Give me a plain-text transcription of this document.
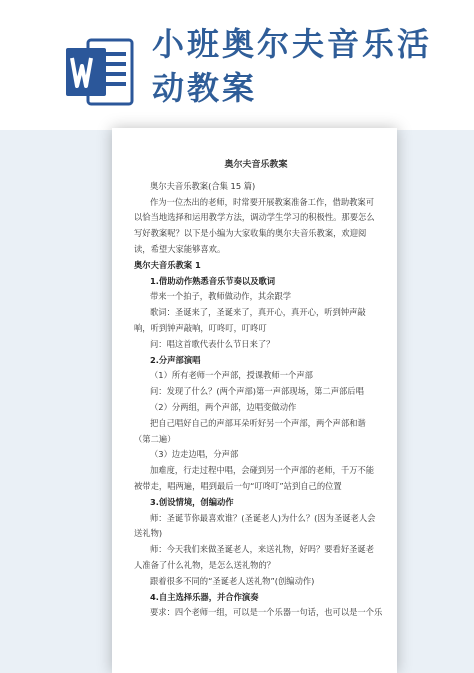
小班奥尔夫音乐活
动教案
奥尔夫音乐教案
奥尔夫音乐教案(合集 15 篇)
作为一位杰出的老师，时常要开展教案准备工作，借助教案可以恰当地选择和运用教学方法，调动学生学习的积极性。那要怎么写好教案呢？以下是小编为大家收集的奥尔夫音乐教案，欢迎阅读，希望大家能够喜欢。
奥尔夫音乐教案 1
1.借助动作熟悉音乐节奏以及歌词
带来一个拍子，教师做动作，其余跟学
歌词：圣诞来了，圣诞来了，真开心，真开心，听到钟声敲响，听到钟声敲响，叮咚叮，叮咚叮
问：唱这首歌代表什么节日来了？
2.分声部演唱
（1）所有老师一个声部，授课教师一个声部
问：发现了什么？(两个声部)第一声部现场，第二声部后唱
（2）分两组，两个声部，边唱变做动作
把自己唱好自己的声部耳朵听好另一个声部，两个声部和谐（第二遍）
（3）边走边唱，分声部
加难度，行走过程中唱，会碰到另一个声部的老师，千万不能被带走，唱两遍，唱到最后一句“叮咚叮”站到自己的位置
3.创设情境，创编动作
师：圣诞节你最喜欢谁？(圣诞老人)为什么？(因为圣诞老人会送礼物)
师：今天我们来做圣诞老人，来送礼物，好吗？要看好圣诞老人准备了什么礼物，是怎么送礼物的？
跟着很多不同的“圣诞老人送礼物”(创编动作)
4.自主选择乐器，并合作演奏
要求：四个老师一组，可以是一个乐器一句话，也可以是一个乐
